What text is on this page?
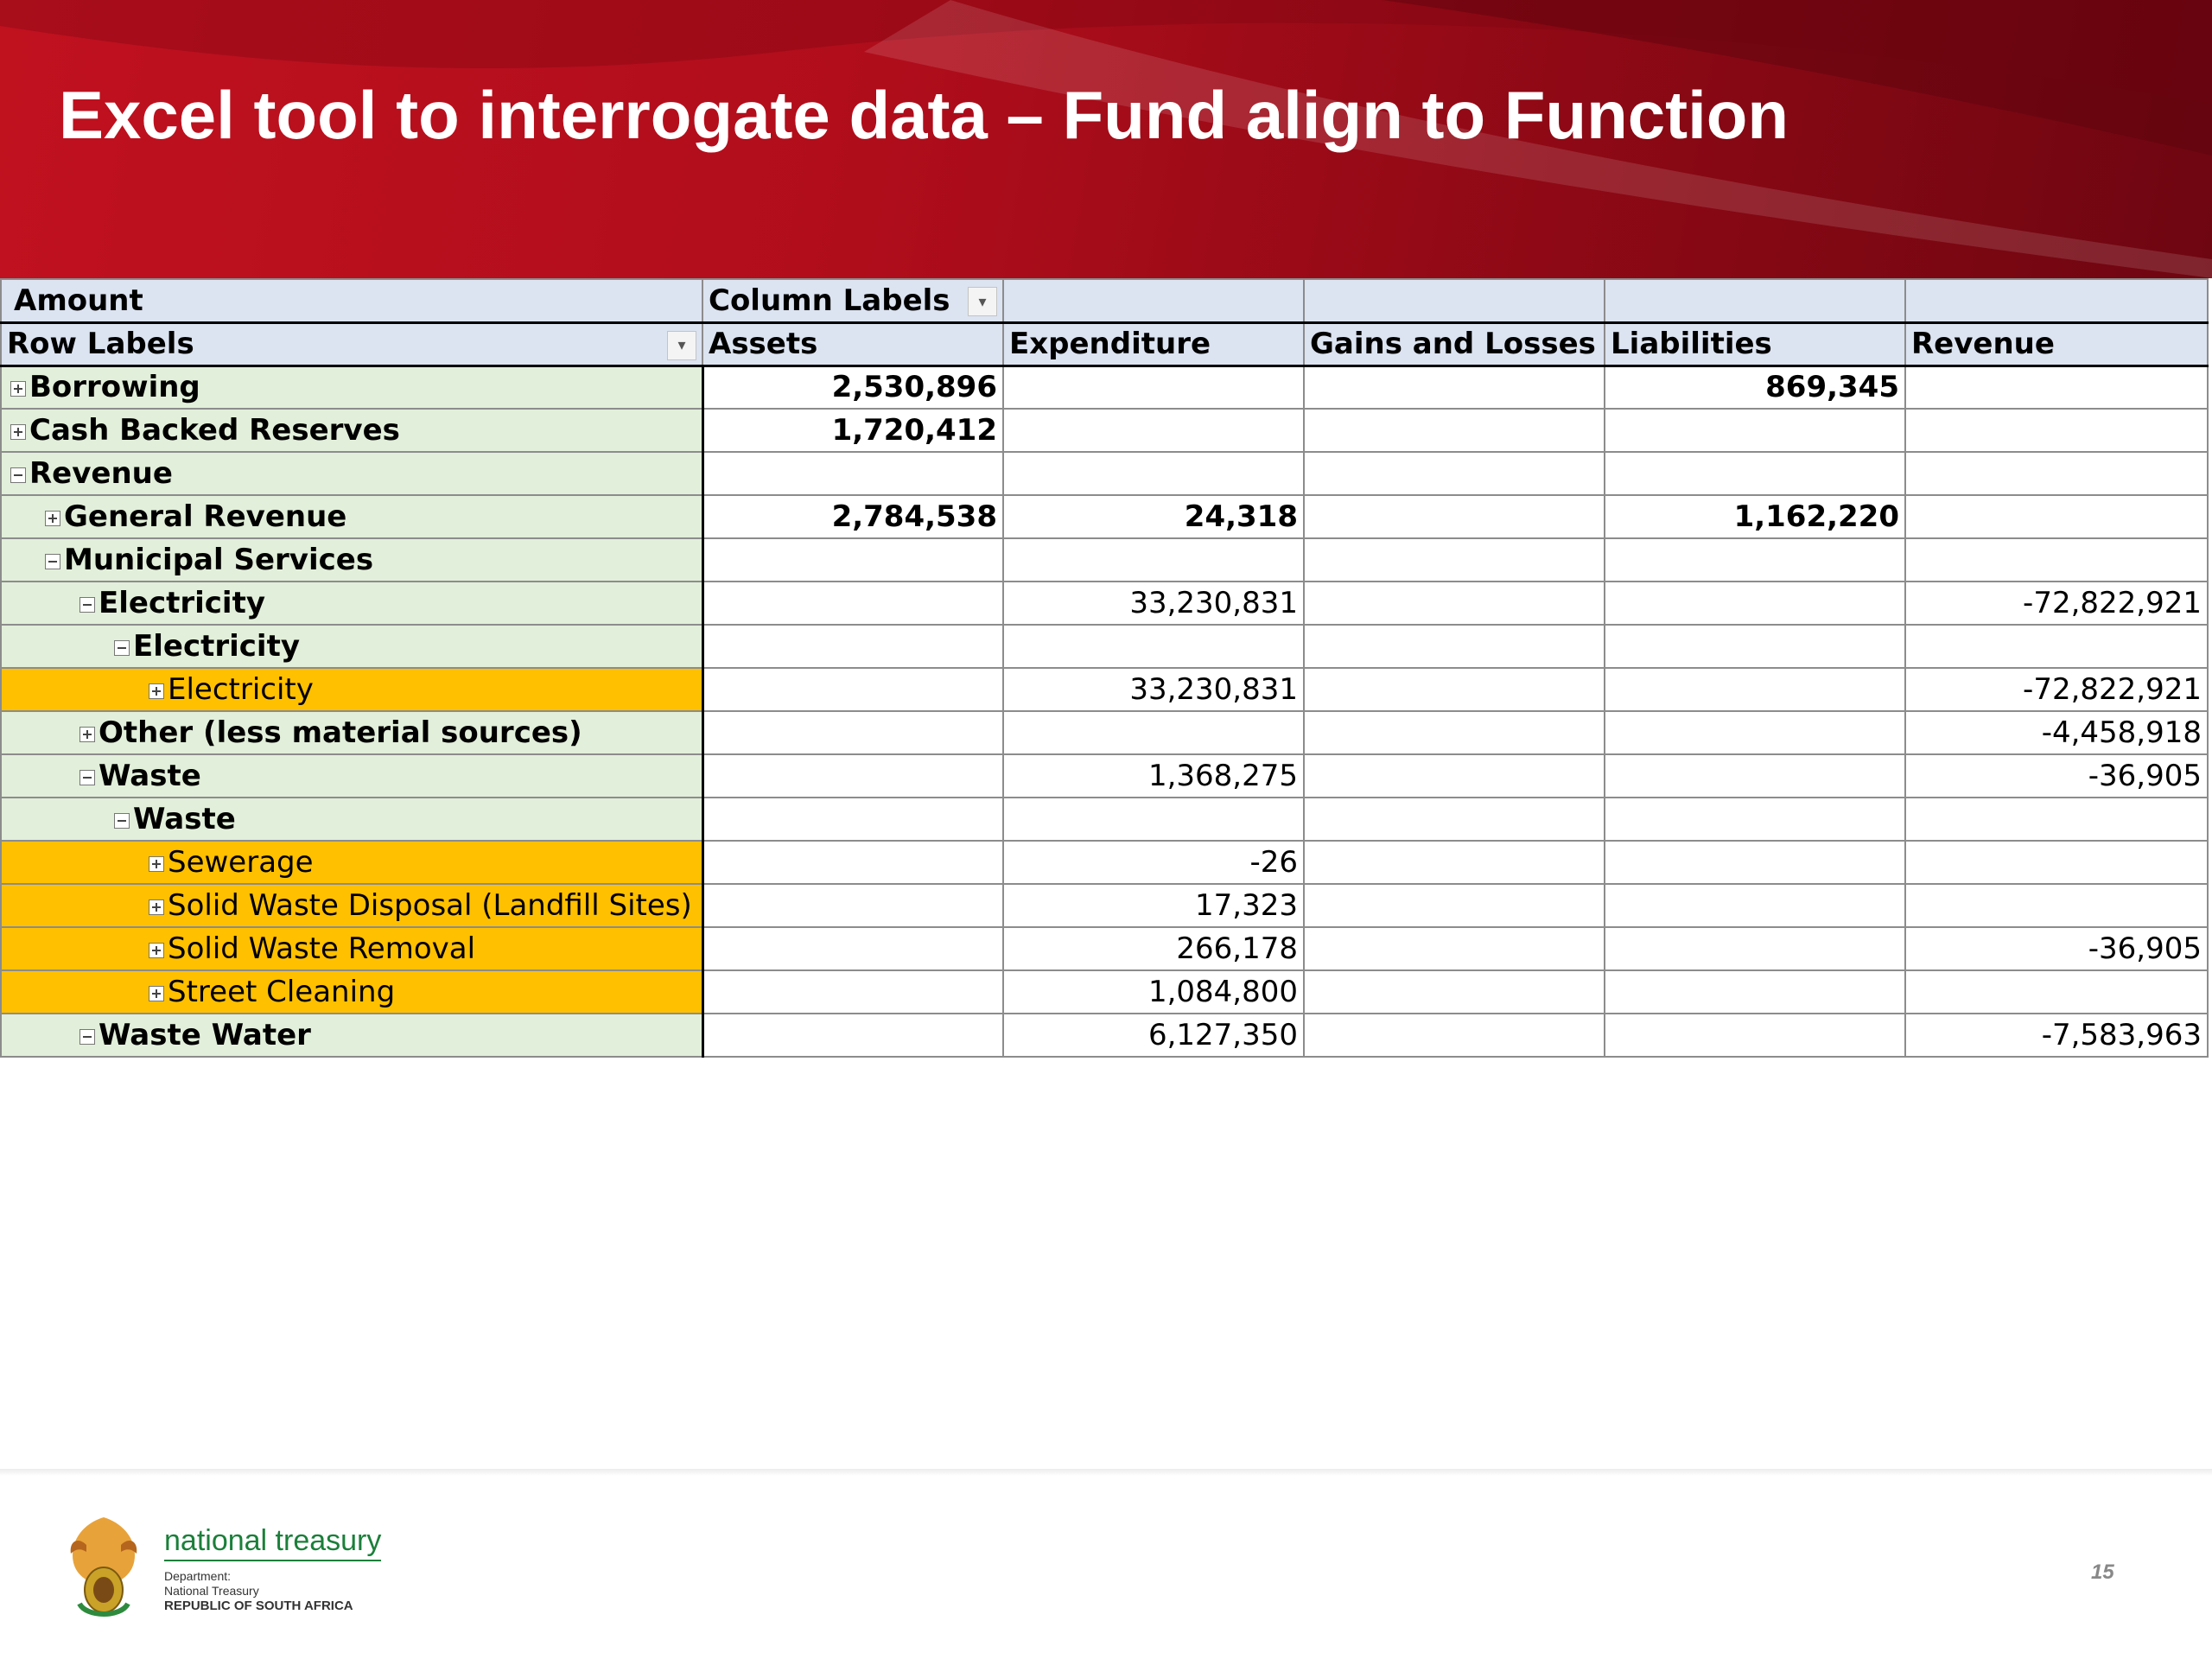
Excel tool to interrogate data – Fund align to Function
Amount	Column Labels ▾				

Row Labels ▾	Assets	Expenditure	Gains and Losses	Liabilities	Revenue
Borrowing	2,530,896			869,345	
Cash Backed Reserves	1,720,412				
Revenue					
General Revenue	2,784,538	24,318		1,162,220	
Municipal Services					
Electricity		33,230,831			-72,822,921
Electricity					
Electricity		33,230,831			-72,822,921
Other (less material sources)					-4,458,918
Waste		1,368,275			-36,905
Waste					
Sewerage		-26			
Solid Waste Disposal (Landfill Sites)		17,323			
Solid Waste Removal		266,178			-36,905
Street Cleaning		1,084,800			
Waste Water		6,127,350			-7,583,963
national treasury
Department:
National Treasury
REPUBLIC OF SOUTH AFRICA
15
